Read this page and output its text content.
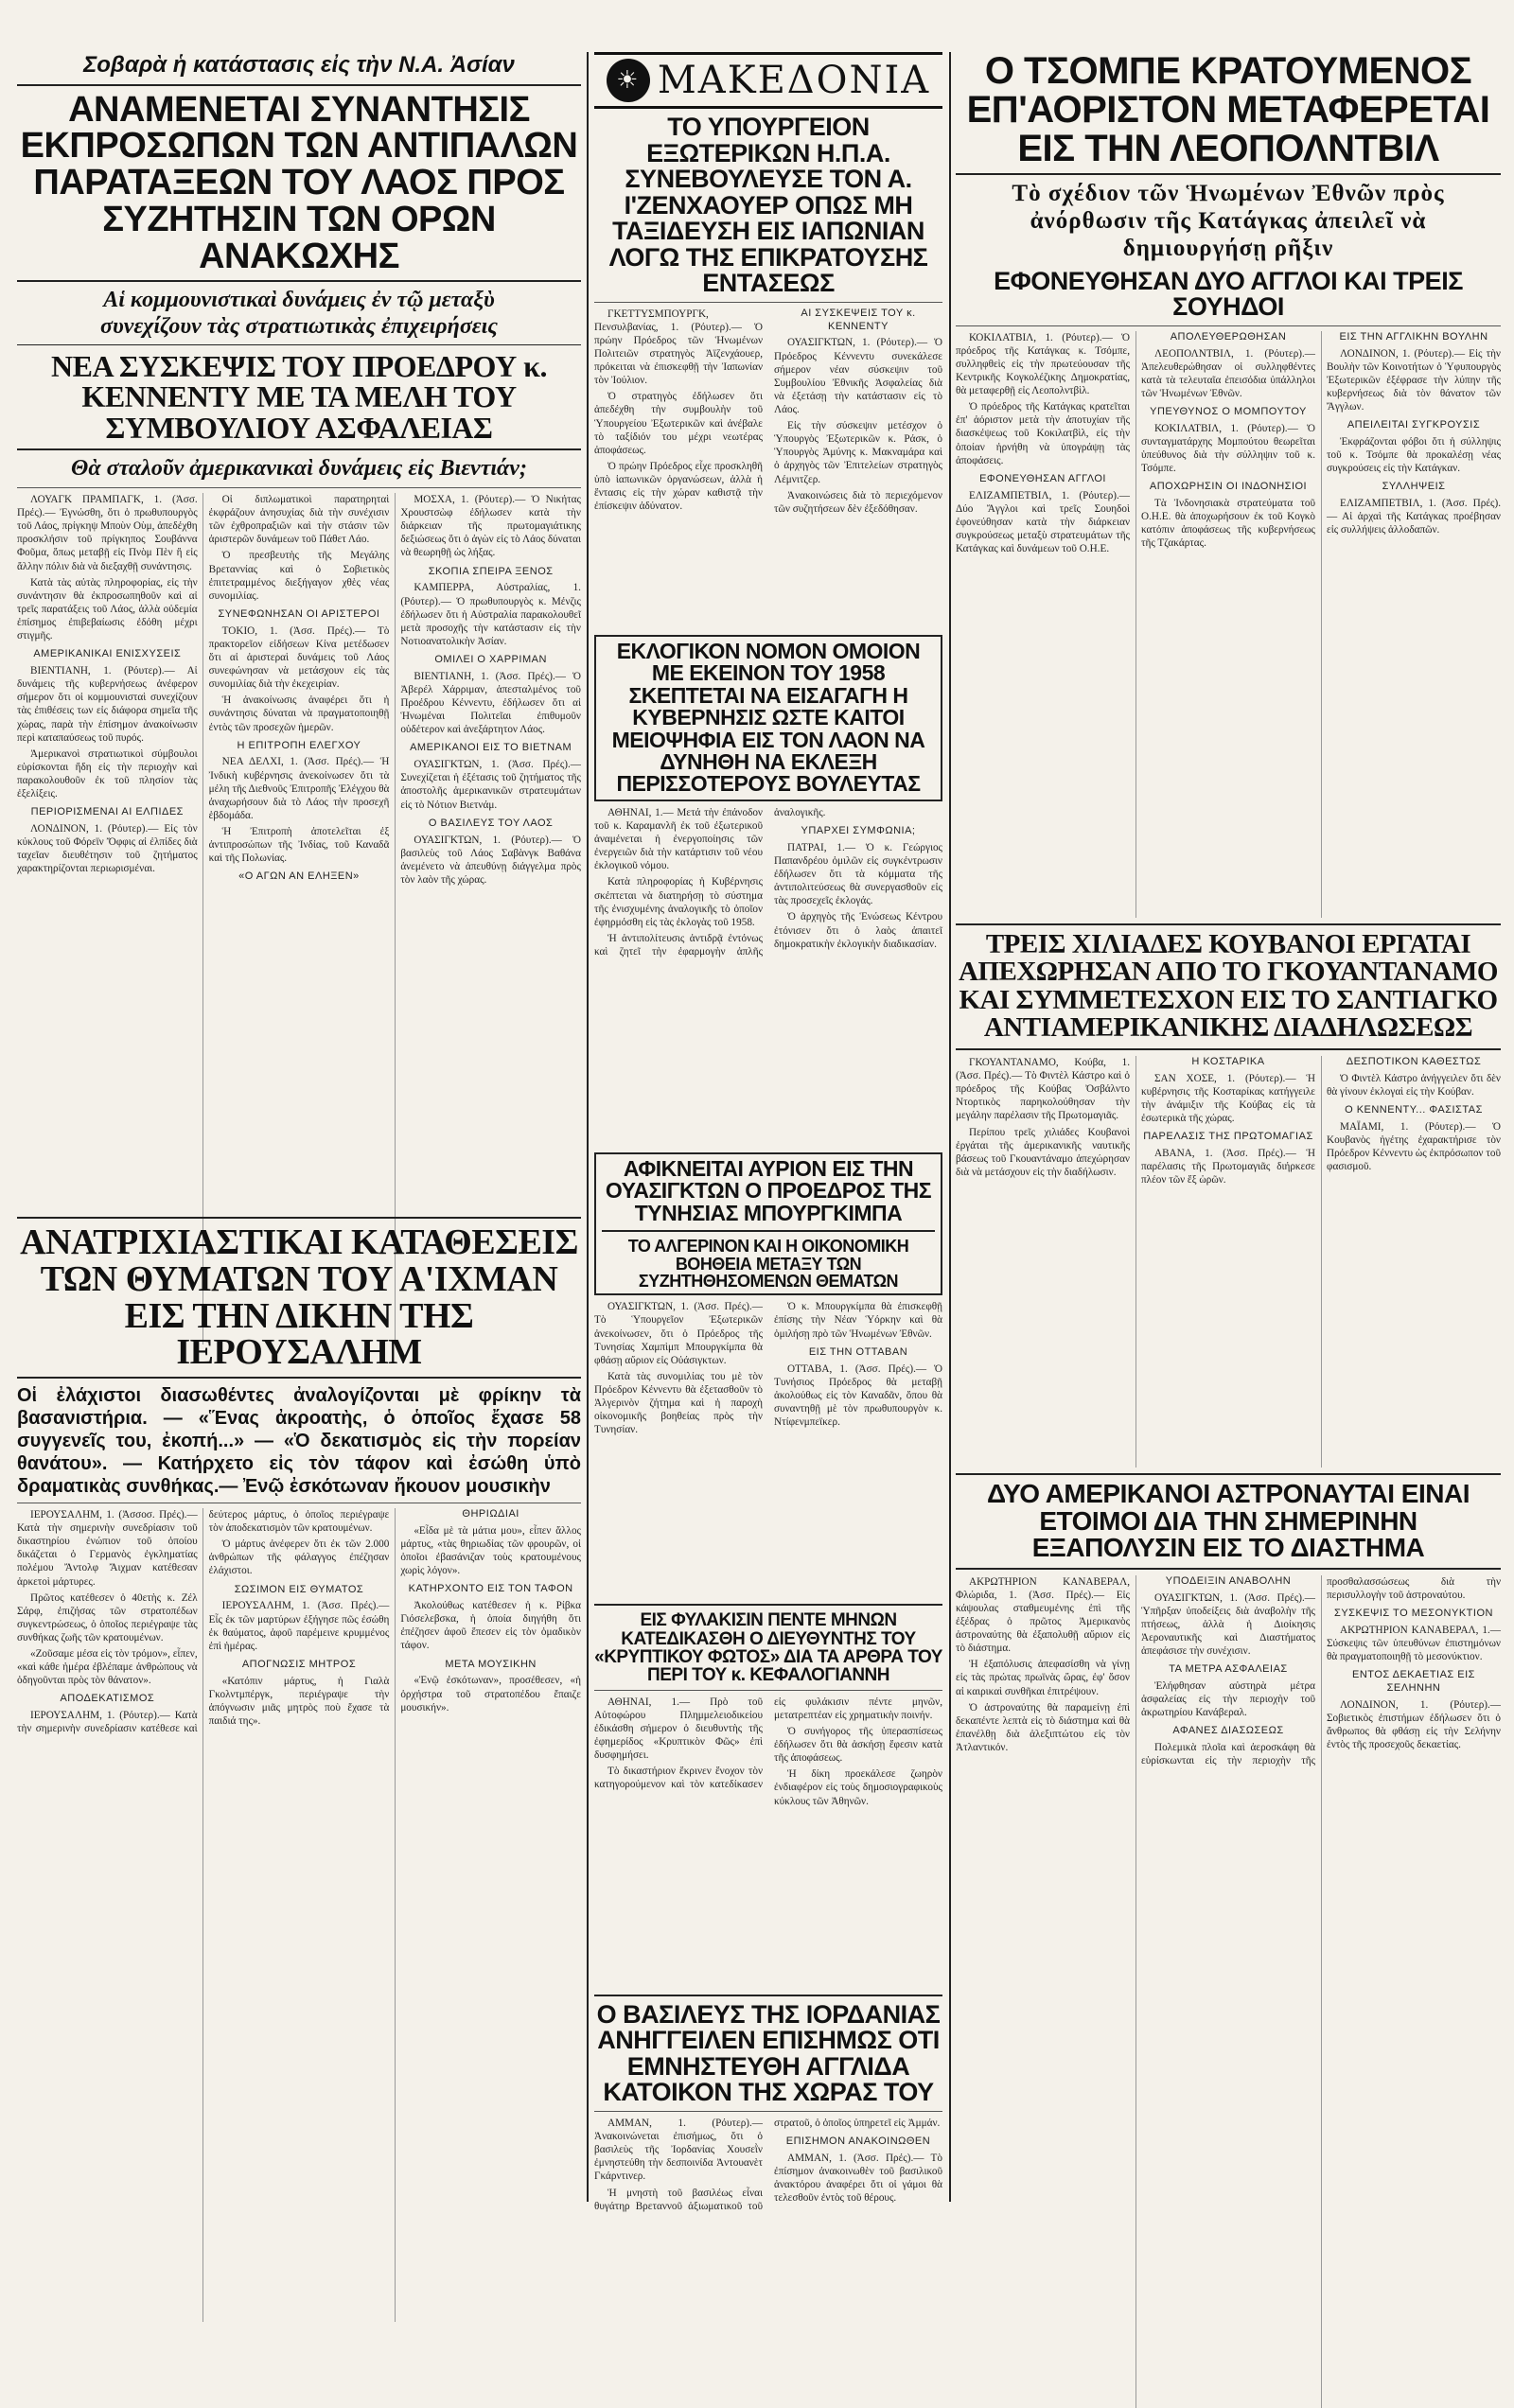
Σοβαρὰ ἡ κατάστασις εἰς τὴν Ν.Α. Ἀσίαν
ΑΝΑΜΕΝΕΤΑΙ ΣΥΝΑΝΤΗΣΙΣ ΕΚΠΡΟΣΩΠΩΝ ΤΩΝ ΑΝΤΙΠΑΛΩΝ ΠΑΡΑΤΑΞΕΩΝ ΤΟΥ ΛΑΟΣ ΠΡΟΣ ΣΥΖΗΤΗΣΙΝ ΤΩΝ ΟΡΩΝ ΑΝΑΚΩΧΗΣ
Αἱ κομμουνιστικαὶ δυνάμεις ἐν τῷ μεταξὺ
συνεχίζουν τὰς στρατιωτικὰς ἐπιχειρήσεις
ΝΕΑ ΣΥΣΚΕΨΙΣ ΤΟΥ ΠΡΟΕΔΡΟΥ κ. ΚΕΝΝΕΝΤΥ ΜΕ ΤΑ ΜΕΛΗ ΤΟΥ ΣΥΜΒΟΥΛΙΟΥ ΑΣΦΑΛΕΙΑΣ
Θὰ σταλοῦν ἀμερικανικαὶ δυνάμεις εἰς Βιεντιάν;

ΛΟΥΑΓΚ ΠΡΑΜΠΑΓΚ, 1. (Ἀσσ. Πρές).— Ἐγνώσθη, ὅτι ὁ πρωθυπουργὸς τοῦ Λάος, πρίγκηψ Μποὺν Οὺμ, ἀπεδέχθη προσκλήσιν τοῦ πρίγκηπος Σουβάννα Φοῦμα, ὅπως μεταβῇ εἰς Πνὸμ Πὲν ἢ εἰς ἄλλην πόλιν διὰ νὰ διεξαχθῇ συνάντησις.

Κατὰ τὰς αὐτὰς πληροφορίας, εἰς τὴν συνάντησιν θὰ ἐκπροσωπηθοῦν καὶ αἱ τρεῖς παρατάξεις τοῦ Λάος, ἀλλὰ οὐδεμία ἐπίσημος ἐπιβεβαίωσις ἐδόθη μέχρι στιγμῆς.

ΑΜΕΡΙΚΑΝΙΚΑΙ ΕΝΙΣΧΥΣΕΙΣ

ΒΙΕΝΤΙΑΝΗ, 1. (Ρόυτερ).— Αἱ δυνάμεις τῆς κυβερνήσεως ἀνέφερον σήμερον ὅτι οἱ κομμουνισταὶ συνεχίζουν τὰς ἐπιθέσεις των εἰς διάφορα σημεῖα τῆς χώρας, παρὰ τὴν ἐπίσημον ἀνακοίνωσιν περὶ καταπαύσεως τοῦ πυρός.

Ἀμερικανοὶ στρατιωτικοὶ σύμβουλοι εὑρίσκονται ἤδη εἰς τὴν περιοχὴν καὶ παρακολουθοῦν ἐκ τοῦ πλησίον τὰς ἐξελίξεις.

ΠΕΡΙΟΡΙΣΜΕΝΑΙ ΑΙ ΕΛΠΙΔΕΣ

ΛΟΝΔΙΝΟΝ, 1. (Ρόυτερ).— Εἰς τὸν κύκλους τοῦ Φόρεϊν Ὄφφις αἱ ἐλπίδες διὰ ταχεῖαν διευθέτησιν τοῦ ζητήματος χαρακτηρίζονται περιωρισμέναι.

Οἱ διπλωματικοὶ παρατηρηταὶ ἐκφράζουν ἀνησυχίας διὰ τὴν συνέχισιν τῶν ἐχθροπραξιῶν καὶ τὴν στάσιν τῶν ἀριστερῶν δυνάμεων τοῦ Πάθετ Λάο.

Ὁ πρεσβευτὴς τῆς Μεγάλης Βρεταννίας καὶ ὁ Σοβιετικὸς ἐπιτετραμμένος διεξήγαγον χθὲς νέας συνομιλίας.

ΣΥΝΕΦΩΝΗΣΑΝ ΟΙ ΑΡΙΣΤΕΡΟΙ

ΤΟΚΙΟ, 1. (Ἀσσ. Πρές).— Τὸ πρακτορεῖον εἰδήσεων Κίνα μετέδωσεν ὅτι αἱ ἀριστεραὶ δυνάμεις τοῦ Λάος συνεφώνησαν νὰ μετάσχουν εἰς τὰς συνομιλίας διὰ τὴν ἐκεχειρίαν.

Ἡ ἀνακοίνωσις ἀναφέρει ὅτι ἡ συνάντησις δύναται νὰ πραγματοποιηθῇ ἐντὸς τῶν προσεχῶν ἡμερῶν.

Η ΕΠΙΤΡΟΠΗ ΕΛΕΓΧΟΥ

ΝΕΑ ΔΕΛΧΙ, 1. (Ἀσσ. Πρές).— Ἡ Ἰνδικὴ κυβέρνησις ἀνεκοίνωσεν ὅτι τὰ μέλη τῆς Διεθνοῦς Ἐπιτροπῆς Ἐλέγχου θὰ ἀναχωρήσουν διὰ τὸ Λάος τὴν προσεχῆ ἑβδομάδα.

Ἡ Ἐπιτροπὴ ἀποτελεῖται ἐξ ἀντιπροσώπων τῆς Ἰνδίας, τοῦ Καναδᾶ καὶ τῆς Πολωνίας.

«Ο ΑΓΩΝ ΑΝ ΕΛΗΞΕΝ»

ΜΟΣΧΑ, 1. (Ρόυτερ).— Ὁ Νικήτας Χρουστσὼφ ἐδήλωσεν κατὰ τὴν διάρκειαν τῆς πρωτομαγιάτικης δεξιώσεως ὅτι ὁ ἀγὼν εἰς τὸ Λάος δύναται νὰ θεωρηθῇ ὡς λήξας.

ΣΚΟΠΙΑ ΣΠΕΙΡΑ ΞΕΝΟΣ

ΚΑΜΠΕΡΡΑ, Αὐστραλίας, 1. (Ρόυτερ).— Ὁ πρωθυπουργὸς κ. Μένζις ἐδήλωσεν ὅτι ἡ Αὐστραλία παρακολουθεῖ μετὰ προσοχῆς τὴν κατάστασιν εἰς τὴν Νοτιοανατολικὴν Ἀσίαν.

ΟΜΙΛΕΙ Ο ΧΑΡΡΙΜΑΝ

ΒΙΕΝΤΙΑΝΗ, 1. (Ἀσσ. Πρές).— Ὁ Ἀβερέλ Χάρριμαν, ἀπεσταλμένος τοῦ Προέδρου Κέννεντυ, ἐδήλωσεν ὅτι αἱ Ἡνωμέναι Πολιτεῖαι ἐπιθυμοῦν οὐδέτερον καὶ ἀνεξάρτητον Λάος.

ΑΜΕΡΙΚΑΝΟΙ ΕΙΣ ΤΟ ΒΙΕΤΝΑΜ

ΟΥΑΣΙΓΚΤΩΝ, 1. (Ἀσσ. Πρές).— Συνεχίζεται ἡ ἐξέτασις τοῦ ζητήματος τῆς ἀποστολῆς ἀμερικανικῶν στρατευμάτων εἰς τὸ Νότιον Βιετνάμ.

Ο ΒΑΣΙΛΕΥΣ ΤΟΥ ΛΑΟΣ

ΟΥΑΣΙΓΚΤΩΝ, 1. (Ρόυτερ).— Ὁ βασιλεὺς τοῦ Λάος Σαβὰνγκ Βαθάνα ἀνεμένετο νὰ ἀπευθύνῃ διάγγελμα πρὸς τὸν λαὸν τῆς χώρας.

ΑΝΑΤΡΙΧΙΑΣΤΙΚΑΙ ΚΑΤΑΘΕΣΕΙΣ ΤΩΝ ΘΥΜΑΤΩΝ ΤΟΥ Α'ΙΧΜΑΝ ΕΙΣ ΤΗΝ ΔΙΚΗΝ ΤΗΣ ΙΕΡΟΥΣΑΛΗΜ
Οἱ ἐλάχιστοι διασωθέντες ἀναλογίζονται μὲ φρίκην τὰ βασανιστήρια. — «Ἕνας ἀκροατὴς, ὁ ὁποῖος ἔχασε 58 συγγενεῖς του, ἐκοπή...» — «Ὁ δεκατισμὸς εἰς τὴν πορείαν θανάτου». — Κατήρχετο εἰς τὸν τάφον καὶ ἐσώθη ὑπὸ δραματικὰς συνθήκας.— Ἐνῷ ἐσκότωναν ἤκουον μουσικὴν

ΙΕΡΟΥΣΑΛΗΜ, 1. (Ἀσσοσ. Πρές).— Κατὰ τὴν σημερινὴν συνεδρίασιν τοῦ δικαστηρίου ἐνώπιον τοῦ ὁποίου δικάζεται ὁ Γερμανὸς ἐγκληματίας πολέμου Ἄντολφ Ἄιχμαν κατέθεσαν ἀρκετοὶ μάρτυρες.

Πρῶτος κατέθεσεν ὁ 40ετὴς κ. Ζέλ Σάρφ, ἐπιζήσας τῶν στρατοπέδων συγκεντρώσεως, ὁ ὁποῖος περιέγραψε τὰς συνθήκας ζωῆς τῶν κρατουμένων.

«Ζοῦσαμε μέσα εἰς τὸν τρόμον», εἶπεν, «καὶ κάθε ἡμέρα ἐβλέπαμε ἀνθρώπους νὰ ὁδηγοῦνται πρὸς τὸν θάνατον».

ΑΠΟΔΕΚΑΤΙΣΜΟΣ

ΙΕΡΟΥΣΑΛΗΜ, 1. (Ρόυτερ).— Κατὰ τὴν σημερινὴν συνεδρίασιν κατέθεσε καὶ δεύτερος μάρτυς, ὁ ὁποῖος περιέγραψε τὸν ἀποδεκατισμὸν τῶν κρατουμένων.

Ὁ μάρτυς ἀνέφερεν ὅτι ἐκ τῶν 2.000 ἀνθρώπων τῆς φάλαγγος ἐπέζησαν ἐλάχιστοι.

ΣΩΣΙΜΟΝ ΕΙΣ ΘΥΜΑΤΟΣ

ΙΕΡΟΥΣΑΛΗΜ, 1. (Ἀσσ. Πρές).— Εἷς ἐκ τῶν μαρτύρων ἐξήγησε πῶς ἐσώθη ἐκ θαύματος, ἀφοῦ παρέμεινε κρυμμένος ἐπὶ ἡμέρας.

ΑΠΟΓΝΩΣΙΣ ΜΗΤΡΟΣ

«Κατόπιν μάρτυς, ἡ Γιαλὰ Γκολντμπέργκ, περιέγραψε τὴν ἀπόγνωσιν μιᾶς μητρὸς ποὺ ἔχασε τὰ παιδιά της».

ΘΗΡΙΩΔΙΑΙ

«Εἶδα μὲ τὰ μάτια μου», εἶπεν ἄλλος μάρτυς, «τὰς θηριωδίας τῶν φρουρῶν, οἱ ὁποῖοι ἐβασάνιζαν τοὺς κρατουμένους χωρὶς λόγον».

ΚΑΤΗΡΧΟΝΤΟ ΕΙΣ ΤΟΝ ΤΑΦΟΝ

Ἀκολούθως κατέθεσεν ἡ κ. Ρίβκα Γιόσελεβσκα, ἡ ὁποία διηγήθη ὅτι ἐπέζησεν ἀφοῦ ἔπεσεν εἰς τὸν ὁμαδικὸν τάφον.

ΜΕΤΑ ΜΟΥΣΙΚΗΝ

«Ἐνῷ ἐσκότωναν», προσέθεσεν, «ἡ ὀρχήστρα τοῦ στρατοπέδου ἔπαιζε μουσικήν».

☀ ΜΑΚΕΔΟΝΙΑ
ΤΟ ΥΠΟΥΡΓΕΙΟΝ ΕΞΩΤΕΡΙΚΩΝ Η.Π.Α. ΣΥΝΕΒΟΥΛΕΥΣΕ ΤΟΝ Α. Ι'ΖΕΝΧΑΟΥΕΡ ΟΠΩΣ ΜΗ ΤΑΞΙΔΕΥΣΗ ΕΙΣ ΙΑΠΩΝΙΑΝ ΛΟΓΩ ΤΗΣ ΕΠΙΚΡΑΤΟΥΣΗΣ ΕΝΤΑΣΕΩΣ

ΓΚΕΤΤΥΣΜΠΟΥΡΓΚ, Πενσυλβανίας, 1. (Ρόυτερ).— Ὁ πρώην Πρόεδρος τῶν Ἡνωμένων Πολιτειῶν στρατηγὸς Ἀϊζενχάουερ, πρόκειται νὰ ἐπισκεφθῇ τὴν Ἰαπωνίαν τὸν Ἰούλιον.

Ὁ στρατηγὸς ἐδήλωσεν ὅτι ἀπεδέχθη τὴν συμβουλὴν τοῦ Ὑπουργείου Ἐξωτερικῶν καὶ ἀνέβαλε τὸ ταξίδιόν του μέχρι νεωτέρας ἀποφάσεως.

Ὁ πρώην Πρόεδρος εἶχε προσκληθῆ ὑπὸ ἰαπωνικῶν ὀργανώσεων, ἀλλὰ ἡ ἔντασις εἰς τὴν χώραν καθιστᾷ τὴν ἐπίσκεψιν ἀδύνατον.

ΑΙ ΣΥΣΚΕΨΕΙΣ ΤΟΥ κ. ΚΕΝΝΕΝΤΥ

ΟΥΑΣΙΓΚΤΩΝ, 1. (Ρόυτερ).— Ὁ Πρόεδρος Κέννεντυ συνεκάλεσε σήμερον νέαν σύσκεψιν τοῦ Συμβουλίου Ἐθνικῆς Ἀσφαλείας διὰ νὰ ἐξετάσῃ τὴν κατάστασιν εἰς τὸ Λάος.

Εἰς τὴν σύσκεψιν μετέσχον ὁ Ὑπουργὸς Ἐξωτερικῶν κ. Ράσκ, ὁ Ὑπουργὸς Ἀμύνης κ. Μακναμάρα καὶ ὁ ἀρχηγὸς τῶν Ἐπιτελείων στρατηγὸς Λέμνιτζερ.

Ἀνακοινώσεις διὰ τὸ περιεχόμενον τῶν συζητήσεων δὲν ἐξεδόθησαν.

ΕΚΛΟΓΙΚΟΝ ΝΟΜΟΝ ΟΜΟΙΟΝ ΜΕ ΕΚΕΙΝΟΝ ΤΟΥ 1958 ΣΚΕΠΤΕΤΑΙ ΝΑ ΕΙΣΑΓΑΓΗ Η ΚΥΒΕΡΝΗΣΙΣ ΩΣΤΕ ΚΑΙΤΟΙ ΜΕΙΟΨΗΦΙΑ ΕΙΣ ΤΟΝ ΛΑΟΝ ΝΑ ΔΥΝΗΘΗ ΝΑ ΕΚΛΕΞΗ ΠΕΡΙΣΣΟΤΕΡΟΥΣ ΒΟΥΛΕΥΤΑΣ

ΑΘΗΝΑΙ, 1.— Μετά τὴν ἐπάνοδον τοῦ κ. Καραμανλῆ ἐκ τοῦ ἐξωτερικοῦ ἀναμένεται ἡ ἐνεργοποίησις τῶν ἐνεργειῶν διὰ τὴν κατάρτισιν τοῦ νέου ἐκλογικοῦ νόμου.

Κατὰ πληροφορίας ἡ Κυβέρνησις σκέπτεται νὰ διατηρήσῃ τὸ σύστημα τῆς ἐνισχυμένης ἀναλογικῆς τὸ ὁποῖον ἐφηρμόσθη εἰς τὰς ἐκλογὰς τοῦ 1958.

Ἡ ἀντιπολίτευσις ἀντιδρᾷ ἐντόνως καὶ ζητεῖ τὴν ἐφαρμογὴν ἁπλῆς ἀναλογικῆς.

ΥΠΑΡΧΕΙ ΣΥΜΦΩΝΙΑ;

ΠΑΤΡΑΙ, 1.— Ὁ κ. Γεώργιος Παπανδρέου ὁμιλῶν εἰς συγκέντρωσιν ἐδήλωσεν ὅτι τὰ κόμματα τῆς ἀντιπολιτεύσεως θὰ συνεργασθοῦν εἰς τὰς προσεχεῖς ἐκλογάς.

Ὁ ἀρχηγὸς τῆς Ἑνώσεως Κέντρου ἐτόνισεν ὅτι ὁ λαὸς ἀπαιτεῖ δημοκρατικὴν ἐκλογικὴν διαδικασίαν.

ΑΦΙΚΝΕΙΤΑΙ ΑΥΡΙΟΝ ΕΙΣ ΤΗΝ ΟΥΑΣΙΓΚΤΩΝ Ο ΠΡΟΕΔΡΟΣ ΤΗΣ ΤΥΝΗΣΙΑΣ ΜΠΟΥΡΓΚΙΜΠΑ
ΤΟ ΑΛΓΕΡΙΝΟΝ ΚΑΙ Η ΟΙΚΟΝΟΜΙΚΗ ΒΟΗΘΕΙΑ ΜΕΤΑΞΥ ΤΩΝ ΣΥΖΗΤΗΘΗΣΟΜΕΝΩΝ ΘΕΜΑΤΩΝ

ΟΥΑΣΙΓΚΤΩΝ, 1. (Ἀσσ. Πρές).— Τὸ Ὑπουργεῖον Ἐξωτερικῶν ἀνεκοίνωσεν, ὅτι ὁ Πρόεδρος τῆς Τυνησίας Χαμπὶμπ Μπουργκίμπα θὰ φθάσῃ αὔριον εἰς Οὐάσιγκτων.

Κατὰ τὰς συνομιλίας του μὲ τὸν Πρόεδρον Κέννεντυ θὰ ἐξετασθοῦν τὸ Ἀλγερινὸν ζήτημα καὶ ἡ παροχὴ οἰκονομικῆς βοηθείας πρὸς τὴν Τυνησίαν.

Ὁ κ. Μπουργκίμπα θὰ ἐπισκεφθῇ ἐπίσης τὴν Νέαν Ὑόρκην καὶ θὰ ὁμιλήσῃ πρὸ τῶν Ἡνωμένων Ἐθνῶν.

ΕΙΣ ΤΗΝ ΟΤΤΑΒΑΝ

ΟΤΤΑΒΑ, 1. (Ἀσσ. Πρές).— Ὁ Τυνήσιος Πρόεδρος θὰ μεταβῇ ἀκολούθως εἰς τὸν Καναδᾶν, ὅπου θὰ συναντηθῇ μὲ τὸν πρωθυπουργὸν κ. Ντίφενμπεϊκερ.

ΕΙΣ ΦΥΛΑΚΙΣΙΝ ΠΕΝΤΕ ΜΗΝΩΝ ΚΑΤΕΔΙΚΑΣΘΗ Ο ΔΙΕΥΘΥΝΤΗΣ ΤΟΥ «ΚΡΥΠΤΙΚΟΥ ΦΩΤΟΣ» ΔΙΑ ΤΑ ΑΡΘΡΑ ΤΟΥ ΠΕΡΙ ΤΟΥ κ. ΚΕΦΑΛΟΓΙΑΝΝΗ

ΑΘΗΝΑΙ, 1.— Πρὸ τοῦ Αὐτοφώρου Πλημμελειοδικείου ἐδικάσθη σήμερον ὁ διευθυντὴς τῆς ἐφημερίδος «Κρυπτικὸν Φῶς» ἐπὶ δυσφημήσει.

Τὸ δικαστήριον ἔκρινεν ἔνοχον τὸν κατηγορούμενον καὶ τὸν κατεδίκασεν εἰς φυλάκισιν πέντε μηνῶν, μετατρεπτέαν εἰς χρηματικὴν ποινήν.

Ὁ συνήγορος τῆς ὑπερασπίσεως ἐδήλωσεν ὅτι θὰ ἀσκήσῃ ἔφεσιν κατὰ τῆς ἀποφάσεως.

Ἡ δίκη προεκάλεσε ζωηρὸν ἐνδιαφέρον εἰς τοὺς δημοσιογραφικοὺς κύκλους τῶν Ἀθηνῶν.

Ο ΒΑΣΙΛΕΥΣ ΤΗΣ ΙΟΡΔΑΝΙΑΣ ΑΝΗΓΓΕΙΛΕΝ ΕΠΙΣΗΜΩΣ ΟΤΙ ΕΜΝΗΣΤΕΥΘΗ ΑΓΓΛΙΔΑ ΚΑΤΟΙΚΟΝ ΤΗΣ ΧΩΡΑΣ ΤΟΥ

ΑΜΜΑΝ, 1. (Ρόυτερ).— Ἀνακοινώνεται ἐπισήμως, ὅτι ὁ βασιλεὺς τῆς Ἰορδανίας Χουσεῒν ἐμνηστεύθη τὴν δεσποινίδα Ἀντουανὲτ Γκάρντινερ.

Ἡ μνηστὴ τοῦ βασιλέως εἶναι θυγάτηρ Βρεταννοῦ ἀξιωματικοῦ τοῦ στρατοῦ, ὁ ὁποῖος ὑπηρετεῖ εἰς Ἀμμάν.

ΕΠΙΣΗΜΟΝ ΑΝΑΚΟΙΝΩΘΕΝ

ΑΜΜΑΝ, 1. (Ἀσσ. Πρές).— Τὸ ἐπίσημον ἀνακοινωθὲν τοῦ βασιλικοῦ ἀνακτόρου ἀναφέρει ὅτι οἱ γάμοι θὰ τελεσθοῦν ἐντὸς τοῦ θέρους.

Ο ΤΣΟΜΠΕ ΚΡΑΤΟΥΜΕΝΟΣ ΕΠ'ΑΟΡΙΣΤΟΝ ΜΕΤΑΦΕΡΕΤΑΙ ΕΙΣ ΤΗΝ ΛΕΟΠΟΛΝΤΒΙΛ
Τὸ σχέδιον τῶν Ἡνωμένων Ἐθνῶν πρὸς ἀνόρθωσιν τῆς Κατάγκας ἀπειλεῖ νὰ δημιουργήσῃ ρῆξιν
ΕΦΟΝΕΥΘΗΣΑΝ ΔΥΟ ΑΓΓΛΟΙ ΚΑΙ ΤΡΕΙΣ ΣΟΥΗΔΟΙ

ΚΟΚΙΛΑΤΒΙΛ, 1. (Ρόυτερ).— Ὁ πρόεδρος τῆς Κατάγκας κ. Τσόμπε, συλληφθεὶς εἰς τὴν πρωτεύουσαν τῆς Κεντρικῆς Κογκολέζικης Δημοκρατίας, θὰ μεταφερθῇ εἰς Λεοπολντβὶλ.

Ὁ πρόεδρος τῆς Κατάγκας κρατεῖται ἐπ' ἀόριστον μετὰ τὴν ἀποτυχίαν τῆς διασκέψεως τοῦ Κοκιλατβὶλ, εἰς τὴν ὁποίαν ἠρνήθη νὰ ὑπογράψῃ τὰς ἀποφάσεις.

ΕΦΟΝΕΥΘΗΣΑΝ ΑΓΓΛΟΙ

ΕΛΙΖΑΜΠΕΤΒΙΛ, 1. (Ρόυτερ).— Δύο Ἄγγλοι καὶ τρεῖς Σουηδοὶ ἐφονεύθησαν κατὰ τὴν διάρκειαν συγκρούσεως μεταξὺ στρατευμάτων τῆς Κατάγκας καὶ δυνάμεων τοῦ Ο.Η.Ε.

ΑΠΟΛΕΥΘΕΡΩΘΗΣΑΝ

ΛΕΟΠΟΛΝΤΒΙΛ, 1. (Ρόυτερ).— Ἀπελευθερώθησαν οἱ συλληφθέντες κατὰ τὰ τελευταῖα ἐπεισόδια ὑπάλληλοι τῶν Ἡνωμένων Ἐθνῶν.

ΥΠΕΥΘΥΝΟΣ Ο ΜΟΜΠΟΥΤΟΥ

ΚΟΚΙΛΑΤΒΙΛ, 1. (Ρόυτερ).— Ὁ συνταγματάρχης Μομπούτου θεωρεῖται ὑπεύθυνος διὰ τὴν σύλληψιν τοῦ κ. Τσόμπε.

ΑΠΟΧΩΡΗΣΙΝ ΟΙ ΙΝΔΟΝΗΣΙΟΙ

Τὰ Ἰνδονησιακὰ στρατεύματα τοῦ Ο.Η.Ε. θὰ ἀποχωρήσουν ἐκ τοῦ Κογκὸ κατόπιν ἀποφάσεως τῆς κυβερνήσεως τῆς Τζακάρτας.

ΕΙΣ ΤΗΝ ΑΓΓΛΙΚΗΝ ΒΟΥΛΗΝ

ΛΟΝΔΙΝΟΝ, 1. (Ρόυτερ).— Εἰς τὴν Βουλὴν τῶν Κοινοτήτων ὁ Ὑφυπουργὸς Ἐξωτερικῶν ἐξέφρασε τὴν λύπην τῆς κυβερνήσεως διὰ τὸν θάνατον τῶν Ἄγγλων.

ΑΠΕΙΛΕΙΤΑΙ ΣΥΓΚΡΟΥΣΙΣ

Ἐκφράζονται φόβοι ὅτι ἡ σύλληψις τοῦ κ. Τσόμπε θὰ προκαλέσῃ νέας συγκρούσεις εἰς τὴν Κατάγκαν.

ΣΥΛΛΗΨΕΙΣ

ΕΛΙΖΑΜΠΕΤΒΙΛ, 1. (Ἀσσ. Πρές).— Αἱ ἀρχαὶ τῆς Κατάγκας προέβησαν εἰς συλλήψεις ἀλλοδαπῶν.

ΤΡΕΙΣ ΧΙΛΙΑΔΕΣ ΚΟΥΒΑΝΟΙ ΕΡΓΑΤΑΙ ΑΠΕΧΩΡΗΣΑΝ ΑΠΟ ΤΟ ΓΚΟΥΑΝΤΑΝΑΜΟ ΚΑΙ ΣΥΜΜΕΤΕΣΧΟΝ ΕΙΣ ΤΟ ΣΑΝΤΙΑΓΚΟ ΑΝΤΙΑΜΕΡΙΚΑΝΙΚΗΣ ΔΙΑΔΗΛΩΣΕΩΣ

ΓΚΟΥΑΝΤΑΝΑΜΟ, Κούβα, 1. (Ἀσσ. Πρές).— Τὸ Φιντὲλ Κάστρο καὶ ὁ πρόεδρος τῆς Κούβας Ὀσβάλντο Ντορτικὸς παρηκολούθησαν τὴν μεγάλην παρέλασιν τῆς Πρωτομαγιᾶς.

Περίπου τρεῖς χιλιάδες Κουβανοὶ ἐργάται τῆς ἀμερικανικῆς ναυτικῆς βάσεως τοῦ Γκουαντάναμο ἀπεχώρησαν διὰ νὰ μετάσχουν εἰς τὴν διαδήλωσιν.

Η ΚΟΣΤΑΡΙΚΑ

ΣΑΝ ΧΟΣΕ, 1. (Ρόυτερ).— Ἡ κυβέρνησις τῆς Κοσταρίκας κατήγγειλε τὴν ἀνάμιξιν τῆς Κούβας εἰς τὰ ἐσωτερικὰ τῆς χώρας.

ΠΑΡΕΛΑΣΙΣ ΤΗΣ ΠΡΩΤΟΜΑΓΙΑΣ

ΑΒΑΝΑ, 1. (Ἀσσ. Πρές).— Ἡ παρέλασις τῆς Πρωτομαγιᾶς διήρκεσε πλέον τῶν ἕξ ὡρῶν.

ΔΕΣΠΟΤΙΚΟΝ ΚΑΘΕΣΤΩΣ

Ὁ Φιντὲλ Κάστρο ἀνήγγειλεν ὅτι δὲν θὰ γίνουν ἐκλογαὶ εἰς τὴν Κούβαν.

Ο ΚΕΝΝΕΝΤΥ... ΦΑΣΙΣΤΑΣ

ΜΑΪΑΜΙ, 1. (Ρόυτερ).— Ὁ Κουβανὸς ἡγέτης ἐχαρακτήρισε τὸν Πρόεδρον Κέννεντυ ὡς ἐκπρόσωπον τοῦ φασισμοῦ.

ΔΥΟ ΑΜΕΡΙΚΑΝΟΙ ΑΣΤΡΟΝΑΥΤΑΙ ΕΙΝΑΙ ΕΤΟΙΜΟΙ ΔΙΑ ΤΗΝ ΣΗΜΕΡΙΝΗΝ ΕΞΑΠΟΛΥΣΙΝ ΕΙΣ ΤΟ ΔΙΑΣΤΗΜΑ

ΑΚΡΩΤΗΡΙΟΝ ΚΑΝΑΒΕΡΑΛ, Φλώριδα, 1. (Ἀσσ. Πρές).— Εἰς κάψουλας σταθμευμένης ἐπὶ τῆς ἐξέδρας ὁ πρῶτος Ἀμερικανὸς ἀστροναύτης θὰ ἐξαπολυθῇ αὔριον εἰς τὸ διάστημα.

Ἡ ἐξαπόλυσις ἀπεφασίσθη νὰ γίνῃ εἰς τὰς πρώτας πρωϊνὰς ὥρας, ἐφ' ὅσον αἱ καιρικαὶ συνθῆκαι ἐπιτρέψουν.

Ὁ ἀστροναύτης θὰ παραμείνῃ ἐπὶ δεκαπέντε λεπτὰ εἰς τὸ διάστημα καὶ θὰ ἐπανέλθῃ διὰ ἀλεξιπτώτου εἰς τὸν Ἀτλαντικόν.

ΥΠΟΔΕΙΞΙΝ ΑΝΑΒΟΛΗΝ

ΟΥΑΣΙΓΚΤΩΝ, 1. (Ἀσσ. Πρές).— Ὑπῆρξαν ὑποδείξεις διὰ ἀναβολὴν τῆς πτήσεως, ἀλλὰ ἡ Διοίκησις Ἀεροναυτικῆς καὶ Διαστήματος ἀπεφάσισε τὴν συνέχισιν.

ΤΑ ΜΕΤΡΑ ΑΣΦΑΛΕΙΑΣ

Ἐλήφθησαν αὐστηρὰ μέτρα ἀσφαλείας εἰς τὴν περιοχὴν τοῦ ἀκρωτηρίου Κανάβεραλ.

ΑΦΑΝΕΣ ΔΙΑΣΩΣΕΩΣ

Πολεμικὰ πλοῖα καὶ ἀεροσκάφη θὰ εὑρίσκωνται εἰς τὴν περιοχὴν τῆς προσθαλασσώσεως διὰ τὴν περισυλλογὴν τοῦ ἀστροναύτου.

ΣΥΣΚΕΨΙΣ ΤΟ ΜΕΣΟΝΥΚΤΙΟΝ

ΑΚΡΩΤΗΡΙΟΝ ΚΑΝΑΒΕΡΑΛ, 1.— Σύσκεψις τῶν ὑπευθύνων ἐπιστημόνων θὰ πραγματοποιηθῇ τὸ μεσονύκτιον.

ΕΝΤΟΣ ΔΕΚΑΕΤΙΑΣ ΕΙΣ ΣΕΛΗΝΗΝ

ΛΟΝΔΙΝΟΝ, 1. (Ρόυτερ).— Σοβιετικὸς ἐπιστήμων ἐδήλωσεν ὅτι ὁ ἄνθρωπος θὰ φθάσῃ εἰς τὴν Σελήνην ἐντὸς τῆς προσεχοῦς δεκαετίας.
